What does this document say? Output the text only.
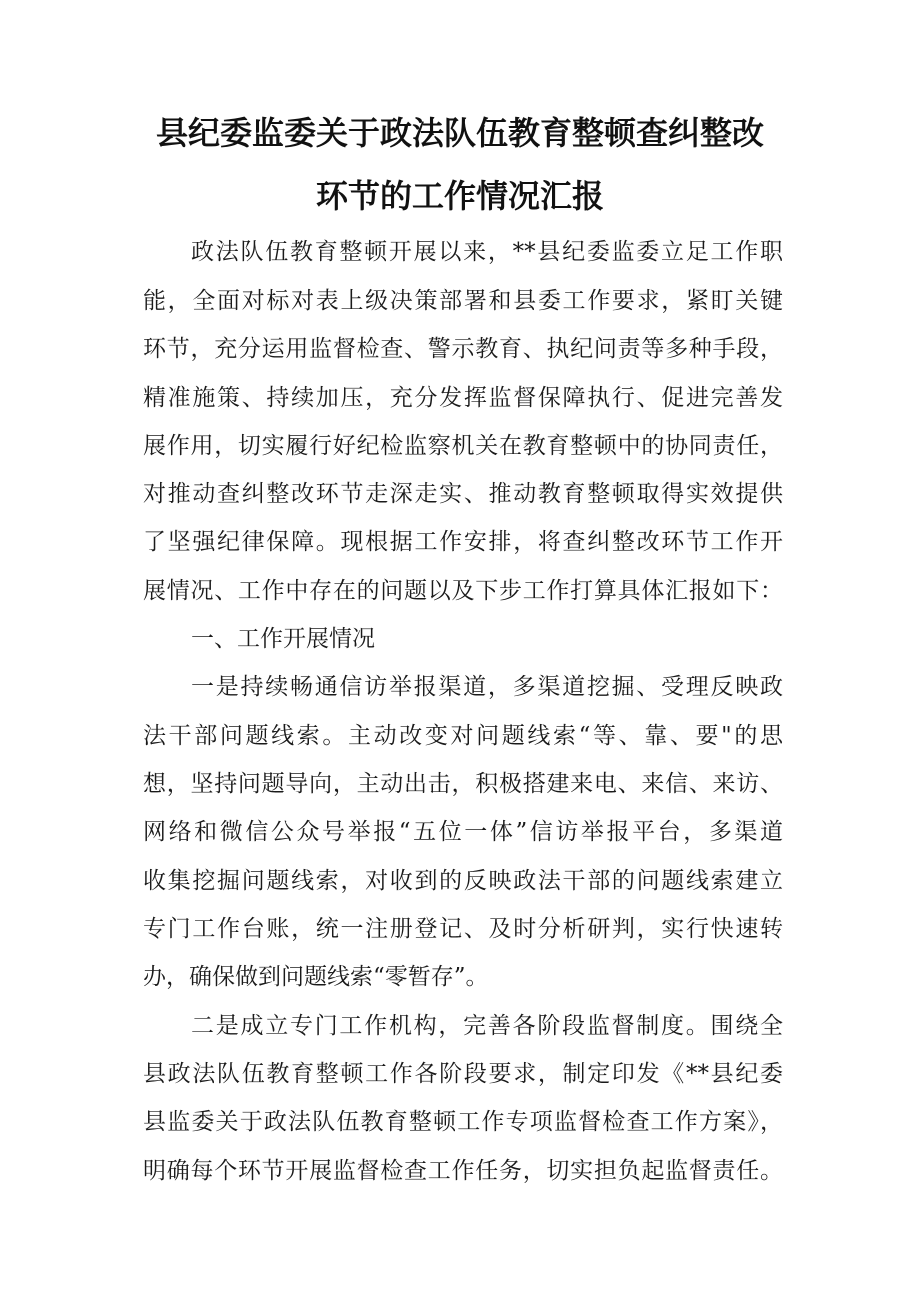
县纪委监委关于政法队伍教育整顿查纠整改
环节的工作情况汇报
政法队伍教育整顿开展以来，**县纪委监委立足工作职
能，全面对标对表上级决策部署和县委工作要求，紧盯关键
环节，充分运用监督检查、警示教育、执纪问责等多种手段，
精准施策、持续加压，充分发挥监督保障执行、促进完善发
展作用，切实履行好纪检监察机关在教育整顿中的协同责任，
对推动查纠整改环节走深走实、推动教育整顿取得实效提供
了坚强纪律保障。现根据工作安排，将查纠整改环节工作开
展情况、工作中存在的问题以及下步工作打算具体汇报如下：
一、工作开展情况
一是持续畅通信访举报渠道，多渠道挖掘、受理反映政
法干部问题线索。主动改变对问题线索“等、靠、要"的思
想，坚持问题导向，主动出击，积极搭建来电、来信、来访、
网络和微信公众号举报“五位一体”信访举报平台，多渠道
收集挖掘问题线索，对收到的反映政法干部的问题线索建立
专门工作台账，统一注册登记、及时分析研判，实行快速转
办，确保做到问题线索“零暂存”。
二是成立专门工作机构，完善各阶段监督制度。围绕全
县政法队伍教育整顿工作各阶段要求，制定印发《**县纪委
县监委关于政法队伍教育整顿工作专项监督检查工作方案》，
明确每个环节开展监督检查工作任务，切实担负起监督责任。
